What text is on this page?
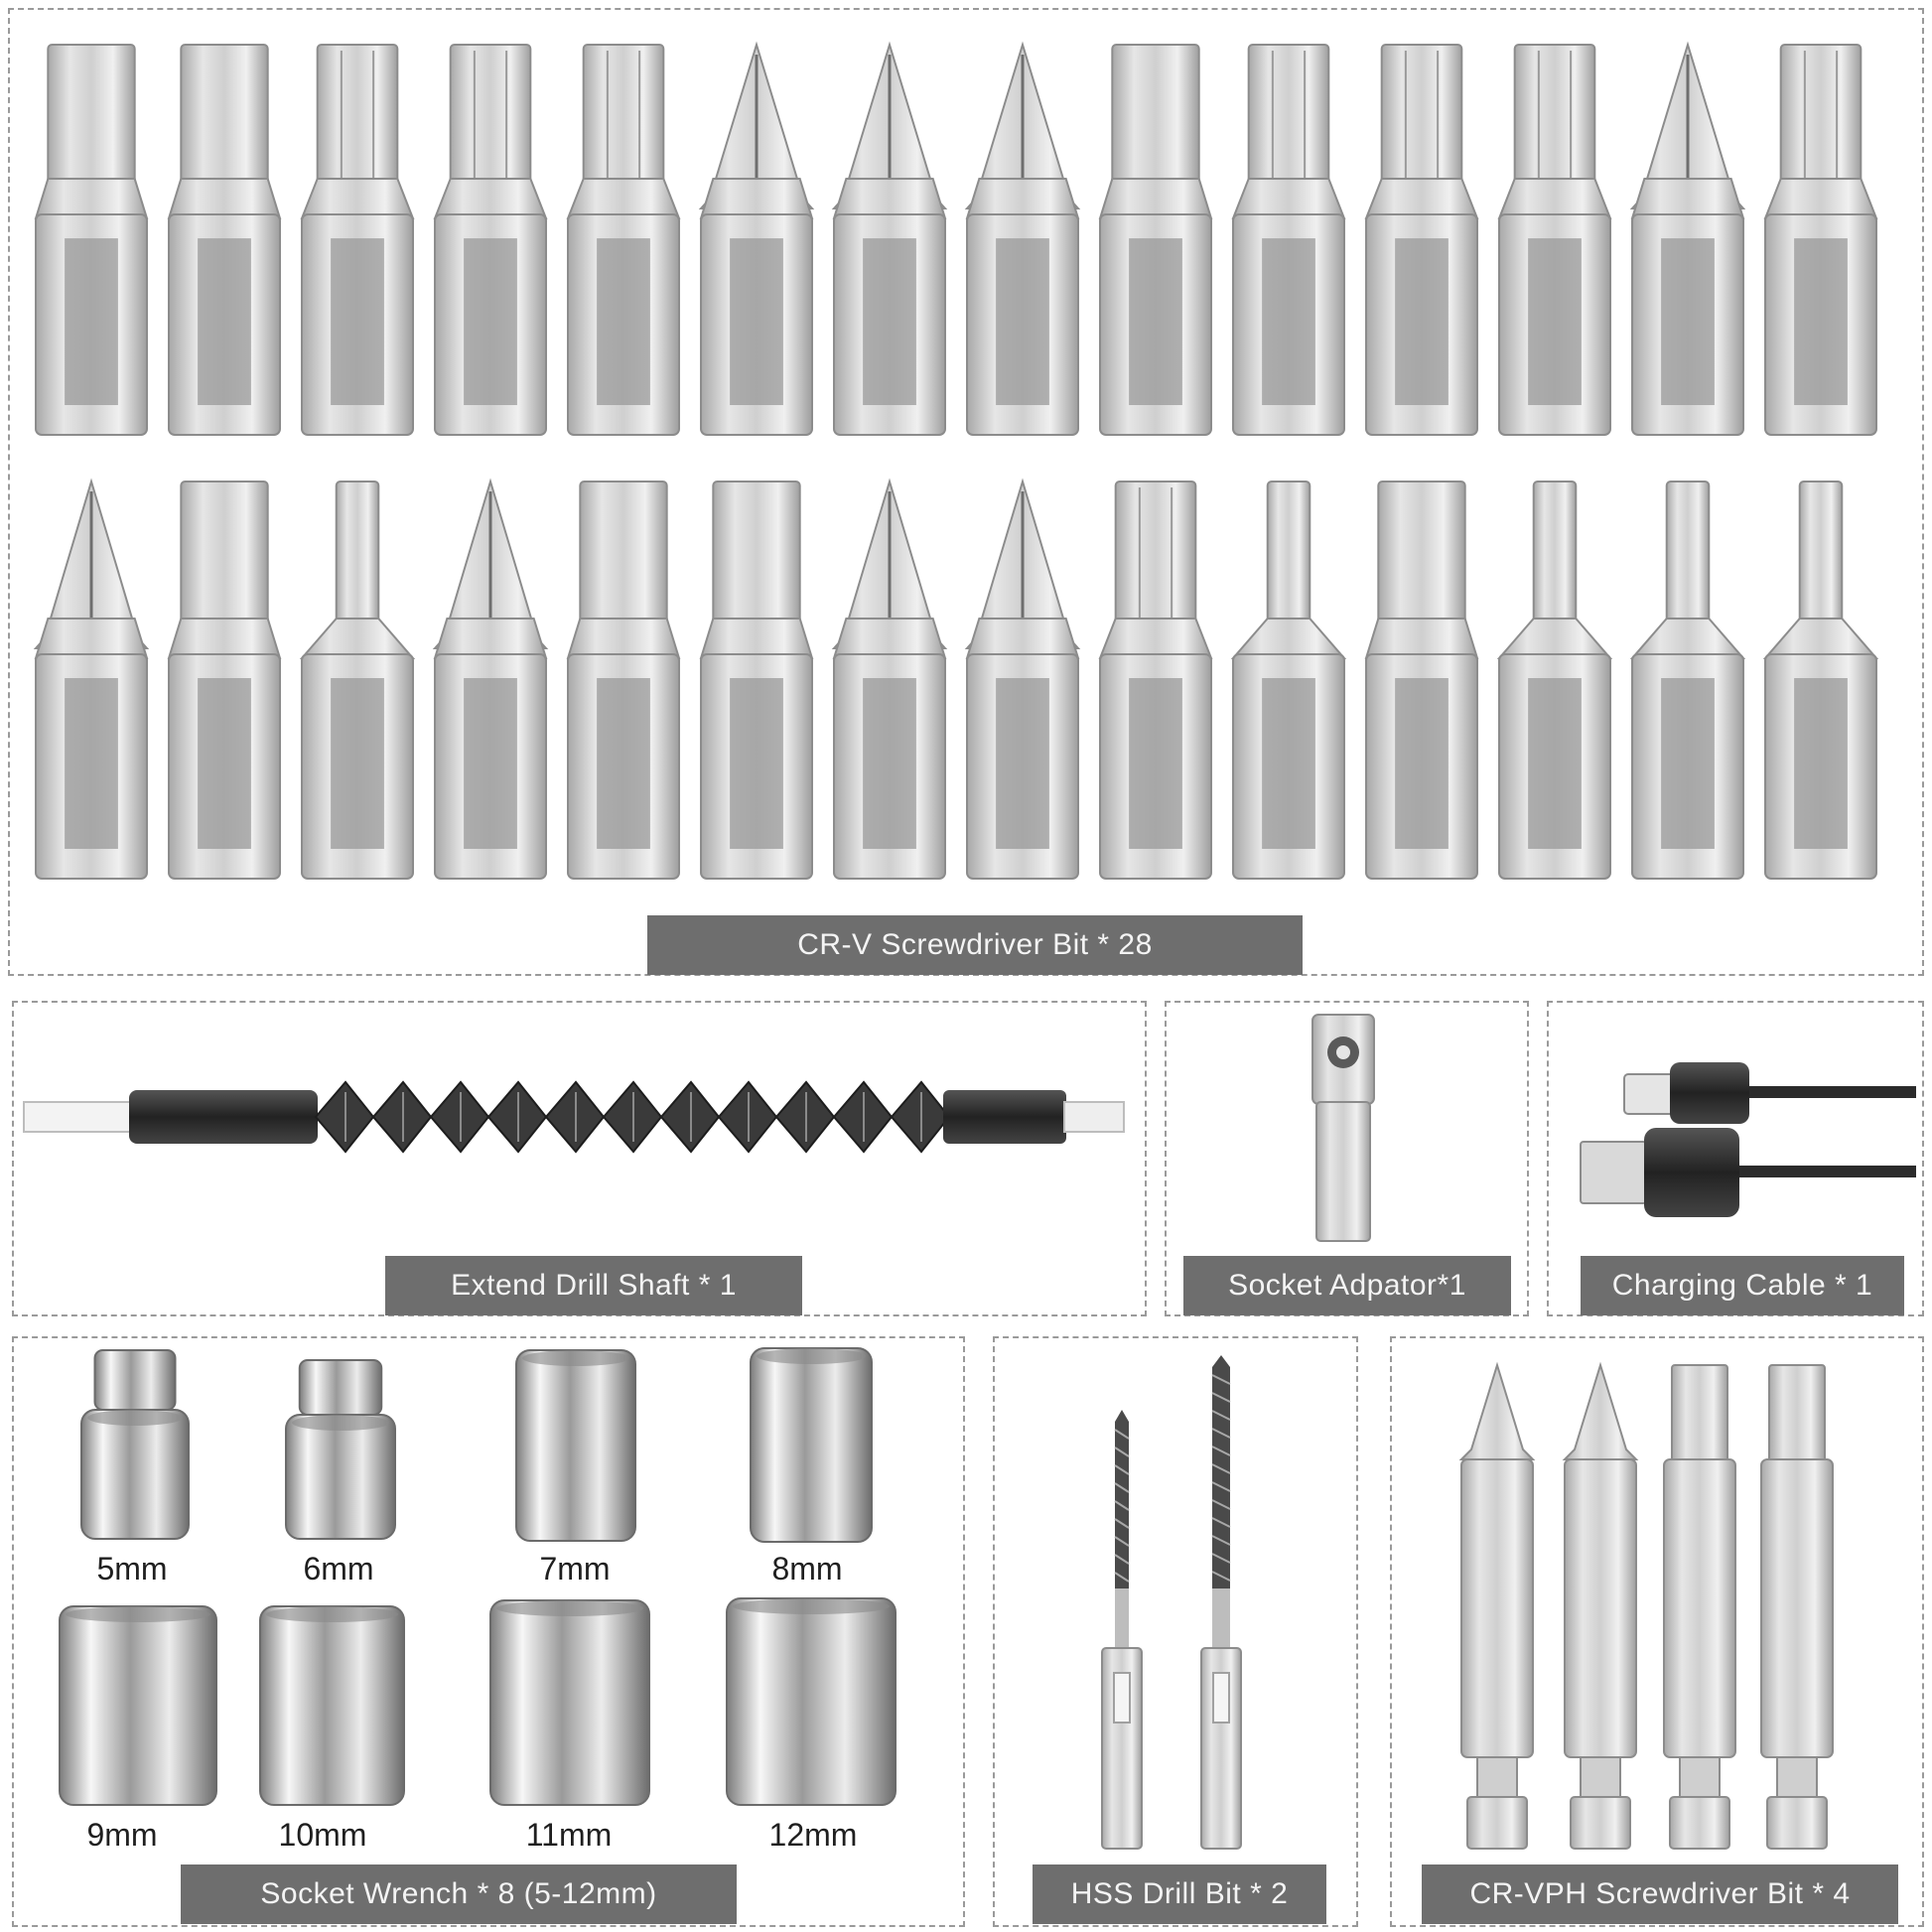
CR-V Screwdriver Bit * 28
Extend Drill Shaft * 1	Socket Adpator*1	Charging Cable * 1
Socket Wrench * 8 (5-12mm)	HSS Drill Bit * 2	CR-VPH Screwdriver Bit * 4
5mm	6mm	7mm	8mm
9mm	10mm	11mm	12mm
